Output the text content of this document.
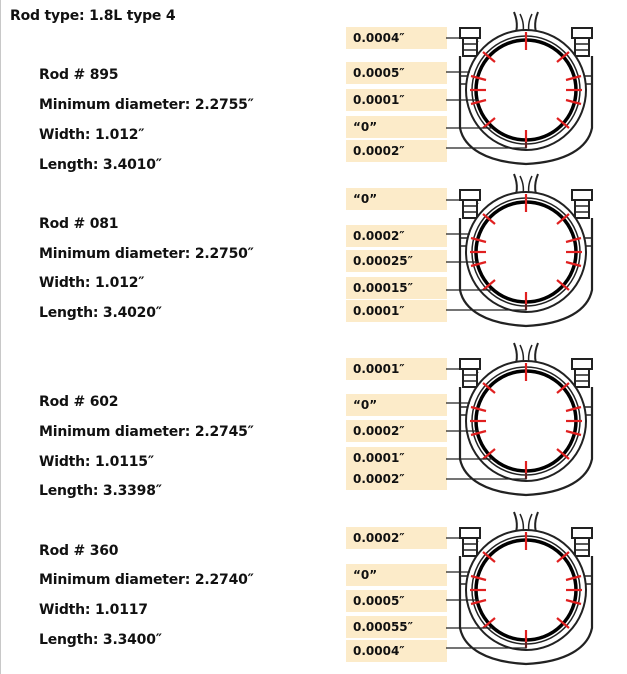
Rod type: 1.8L type 4
Rod # 895
Minimum diameter: 2.2755″
Width: 1.012″
Length: 3.4010″
0.0004″
0.0005″
0.0001″
“0”
0.0002″
Rod # 081
Minimum diameter: 2.2750″
Width: 1.012″
Length: 3.4020″
“0”
0.0002″
0.00025″
0.00015″
0.0001″
Rod # 602
Minimum diameter: 2.2745″
Width: 1.0115″
Length: 3.3398″
0.0001″
“0”
0.0002″
0.0001″
0.0002″
Rod # 360
Minimum diameter: 2.2740″
Width: 1.0117
Length: 3.3400″
0.0002″
“0”
0.0005″
0.00055″
0.0004″
